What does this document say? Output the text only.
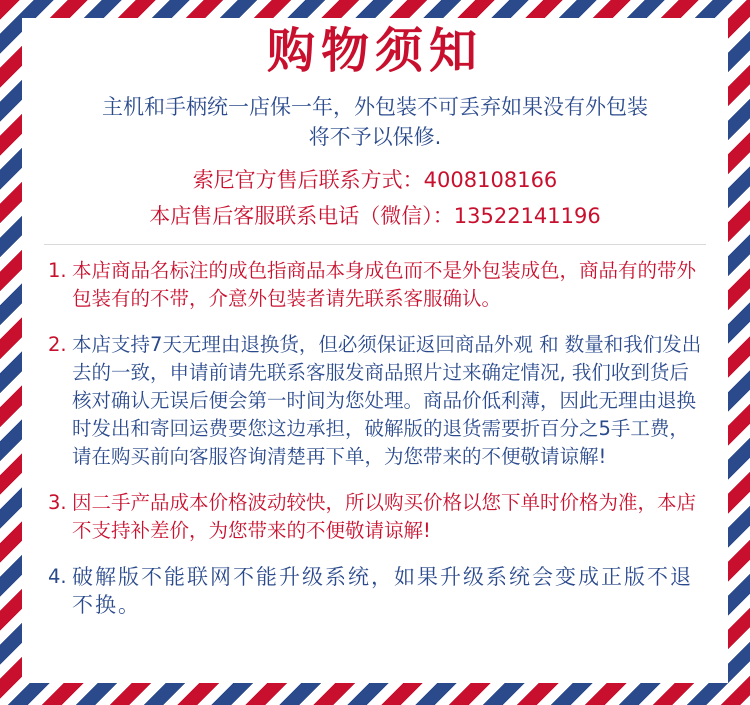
购物须知
主机和手柄统一店保一年，外包装不可丢弃如果没有外包装
将不予以保修.
索尼官方售后联系方式：4008108166
本店售后客服联系电话（微信）：13522141196
1. 本店商品名标注的成色指商品本身成色而不是外包装成色，商品有的带外包装有的不带，介意外包装者请先联系客服确认。
2. 本店支持7天无理由退换货，但必须保证返回商品外观 和 数量和我们发出去的一致，申请前请先联系客服发商品照片过来确定情况, 我们收到货后核对确认无误后便会第一时间为您处理。商品价低利薄，因此无理由退换时发出和寄回运费要您这边承担，破解版的退货需要折百分之5手工费，请在购买前向客服咨询清楚再下单，为您带来的不便敬请谅解!
3. 因二手产品成本价格波动较快，所以购买价格以您下单时价格为准，本店不支持补差价，为您带来的不便敬请谅解!
4. 破解版不能联网不能升级系统，如果升级系统会变成正版不退不换。
